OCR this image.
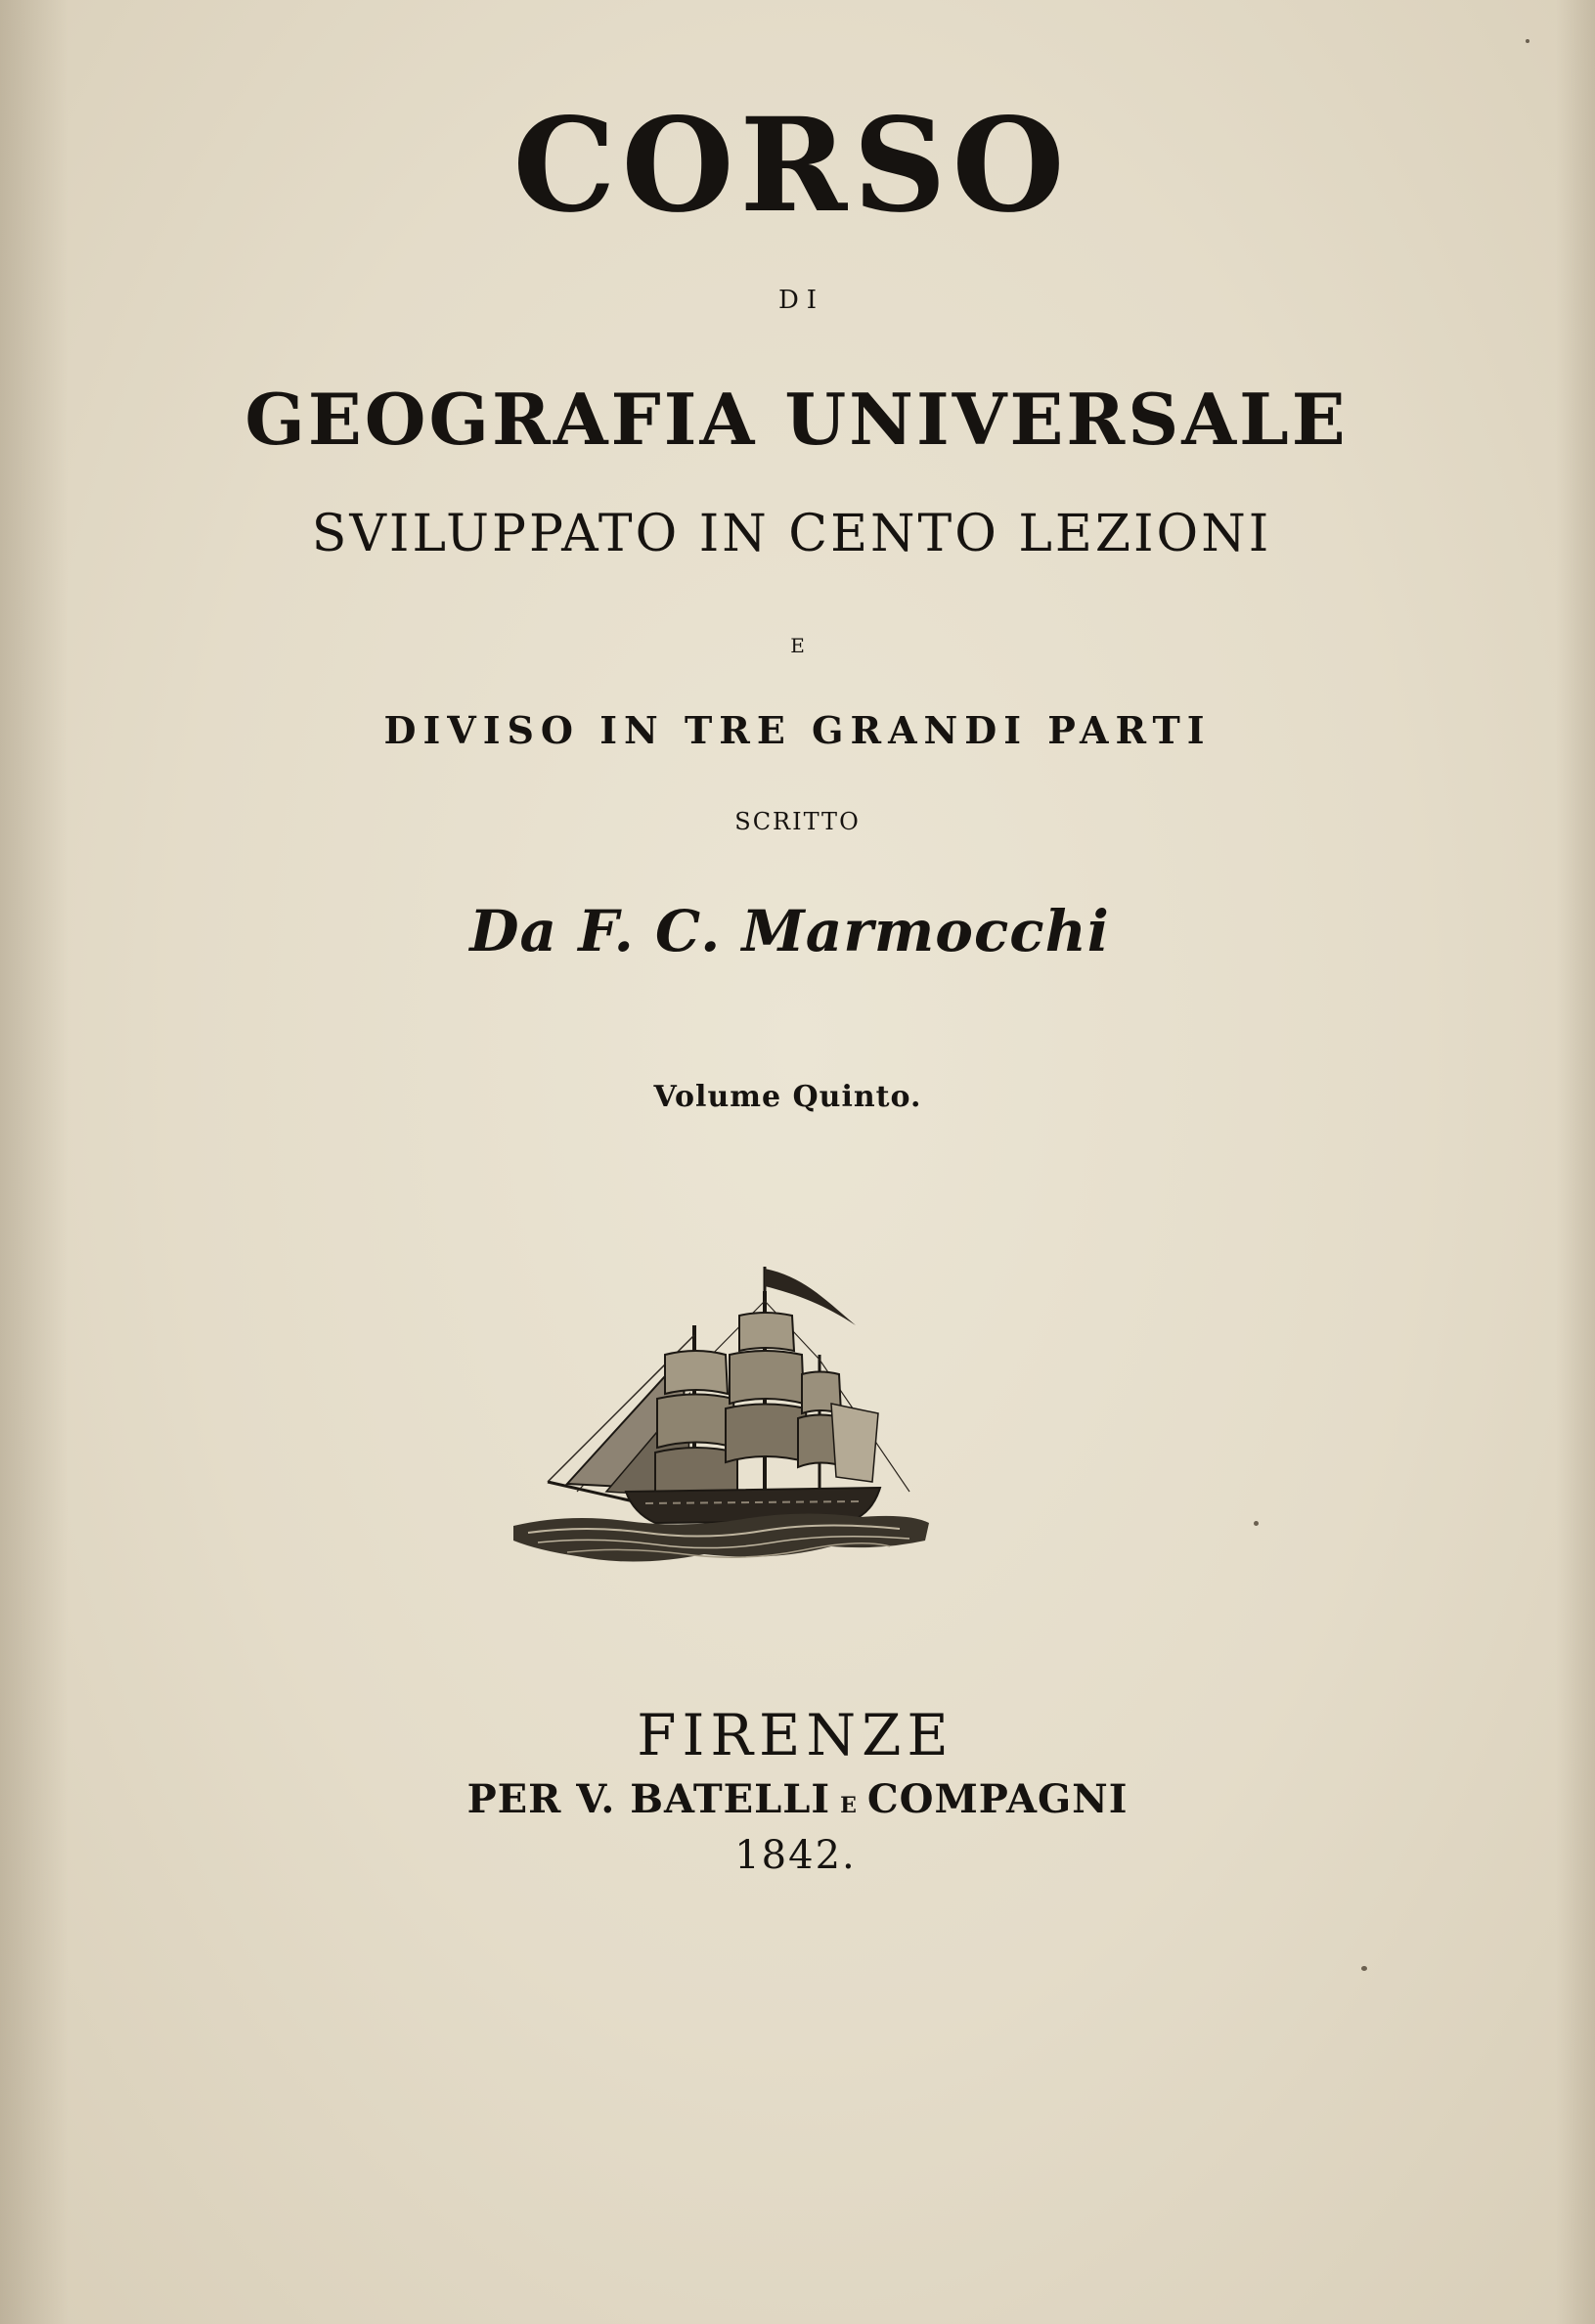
CORSO
DI
GEOGRAFIA UNIVERSALE
SVILUPPATO IN CENTO LEZIONI
E
DIVISO IN TRE GRANDI PARTI
SCRITTO
Da F. C. Marmocchi
Volume Quinto.
FIRENZE
PER V. BATELLI E COMPAGNI
1842.
